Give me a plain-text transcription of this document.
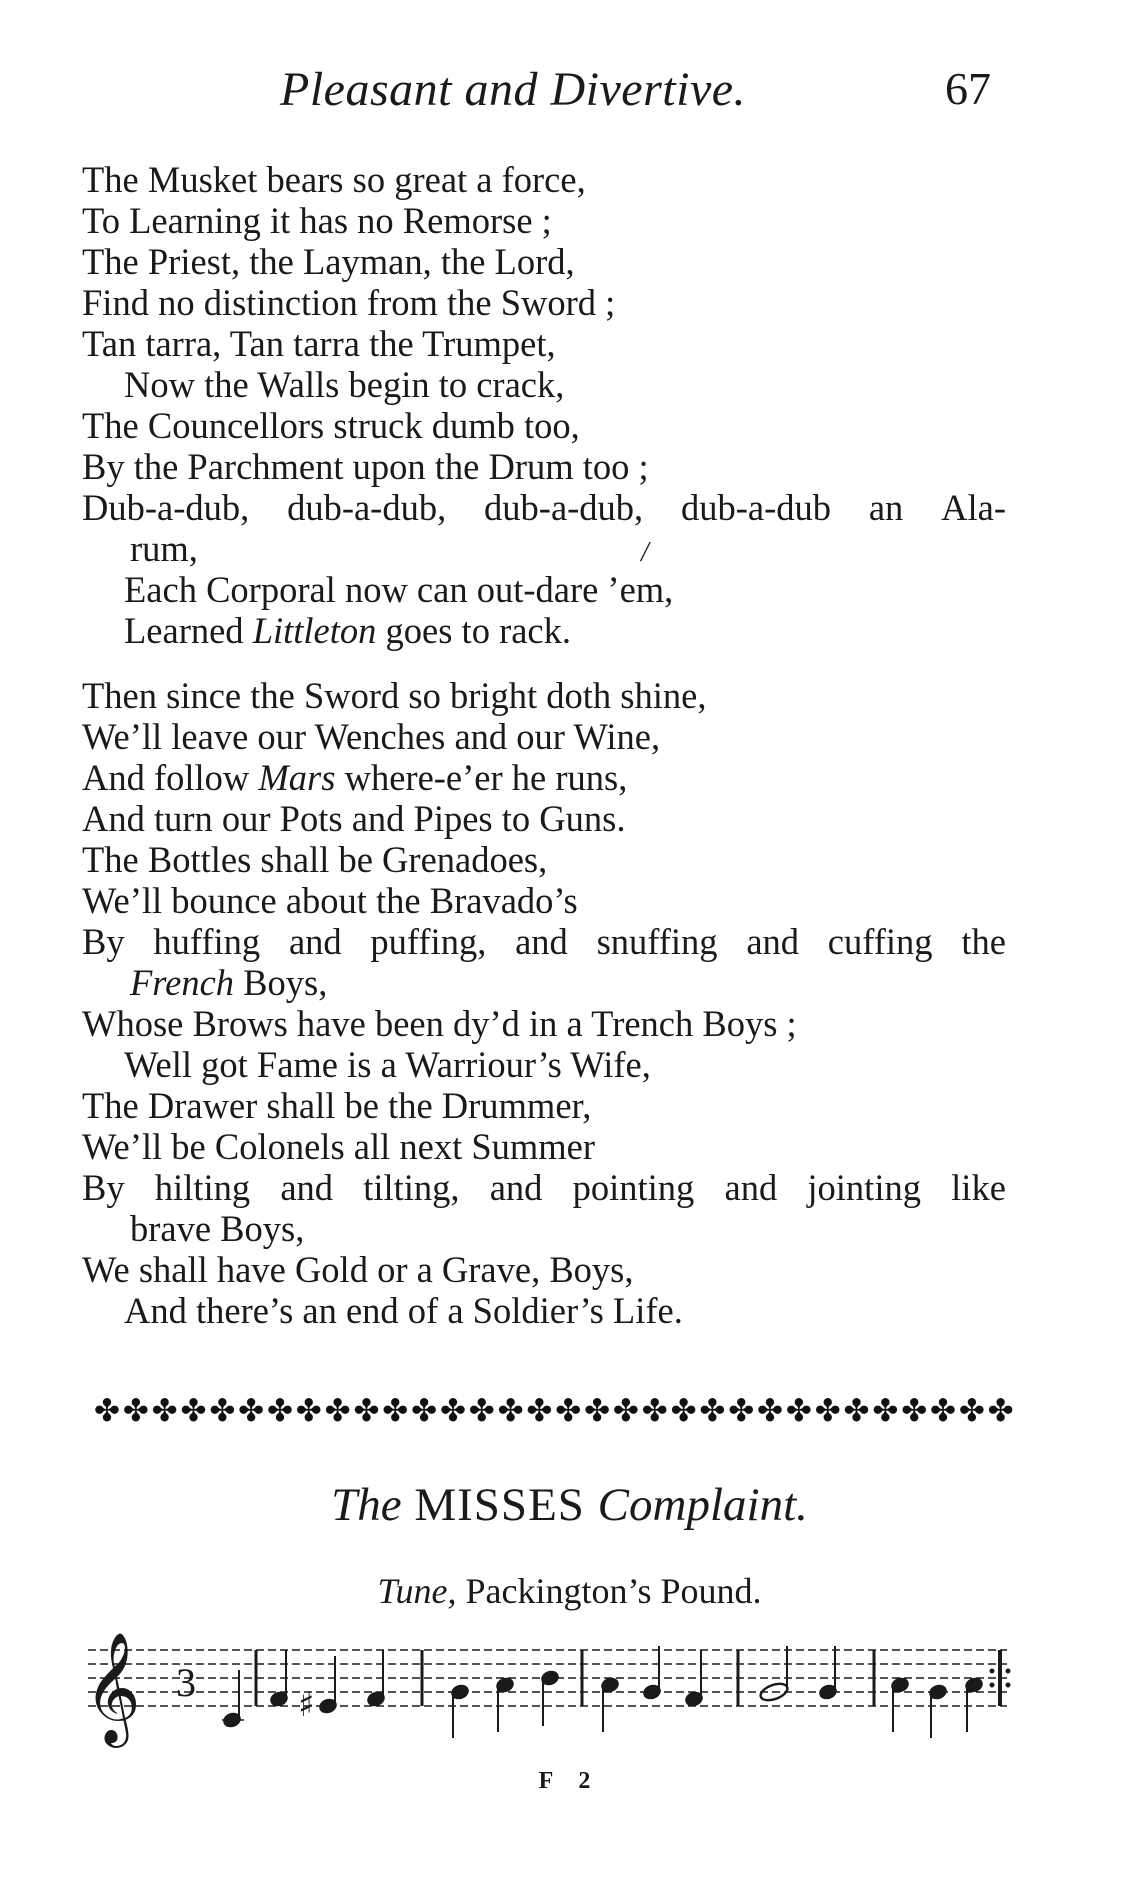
Pleasant and Divertive.	67
The Musket bears so great a force,
To Learning it has no Remorse ;
The Priest, the Layman, the Lord,
Find no distinction from the Sword ;
Tan tarra, Tan tarra the Trumpet,
Now the Walls begin to crack,
The Councellors struck dumb too,
By the Parchment upon the Drum too ;
Dub-a-dub, dub-a-dub, dub-a-dub, dub-a-dub an Ala-
rum,
Each Corporal now can out-dare ’em,
Learned Littleton goes to rack.
/
Then since the Sword so bright doth shine,
We’ll leave our Wenches and our Wine,
And follow Mars where-e’er he runs,
And turn our Pots and Pipes to Guns.
The Bottles shall be Grenadoes,
We’ll bounce about the Bravado’s
By huffing and puffing, and snuffing and cuffing the
French Boys,
Whose Brows have been dy’d in a Trench Boys ;
Well got Fame is a Warriour’s Wife,
The Drawer shall be the Drummer,
We’ll be Colonels all next Summer
By hilting and tilting, and pointing and jointing like
brave Boys,
We shall have Gold or a Grave, Boys,
And there’s an end of a Soldier’s Life.
✤ ✤ ✤ ✤ ✤ ✤ ✤ ✤ ✤ ✤ ✤ ✤ ✤ ✤ ✤ ✤ ✤ ✤ ✤ ✤ ✤ ✤ ✤ ✤ ✤ ✤ ✤ ✤ ✤ ✤ ✤ ✤
The MISSES Complaint.
Tune, Packington’s Pound.
𝄞 3	♯
F 2
